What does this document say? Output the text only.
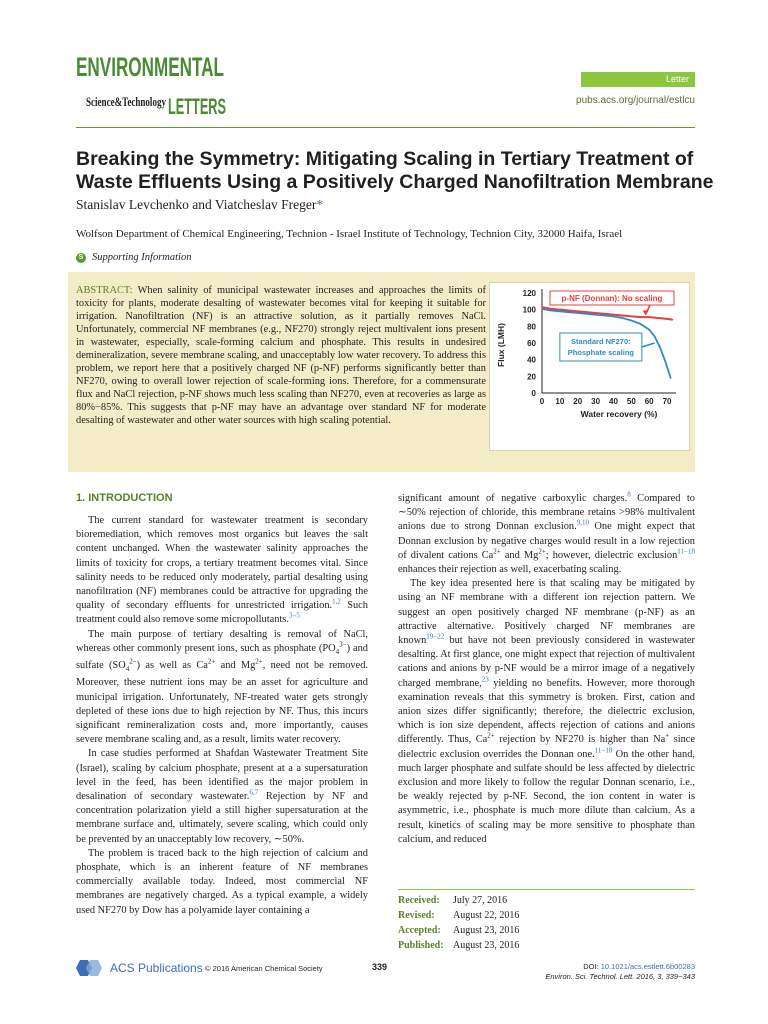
ENVIRONMENTAL
Science&Technology LETTERS
Letter
pubs.acs.org/journal/estlcu
Breaking the Symmetry: Mitigating Scaling in Tertiary Treatment of Waste Effluents Using a Positively Charged Nanofiltration Membrane
Stanislav Levchenko and Viatcheslav Freger*
Wolfson Department of Chemical Engineering, Technion - Israel Institute of Technology, Technion City, 32000 Haifa, Israel
S Supporting Information
ABSTRACT: When salinity of municipal wastewater increases and approaches the limits of toxicity for plants, moderate desalting of wastewater becomes vital for keeping it suitable for irrigation. Nanofiltration (NF) is an attractive solution, as it partially removes NaCl. Unfortunately, commercial NF membranes (e.g., NF270) strongly reject multivalent ions present in wastewater, especially, scale-forming calcium and phosphate. This results in undesired demineralization, severe membrane scaling, and unacceptably low water recovery. To address this problem, we report here that a positively charged NF (p-NF) performs significantly better than NF270, owing to overall lower rejection of scale-forming ions. Therefore, for a commensurate flux and NaCl rejection, p-NF shows much less scaling than NF270, even at recoveries as large as 80%−85%. This suggests that p-NF may have an advantage over standard NF for moderate desalting of wastewater and other water sources with high scaling potential.
0
20
40
60
80
100
120
0 10 20 30 40 50 60 70
Water recovery (%)
Flux (LMH)
p-NF (Donnan): No scaling
Standard NF270:
Phosphate scaling
1. INTRODUCTION

The current standard for wastewater treatment is secondary bioremediation, which removes most organics but leaves the salt content unchanged. When the wastewater salinity approaches the limits of toxicity for crops, a tertiary treatment becomes vital. Since salinity needs to be reduced only moderately, partial desalting using nanofiltration (NF) membranes could be attractive for upgrading the quality of secondary effluents for unrestricted irrigation.$^{1,2}$ Such treatment could also remove some micropollutants.$^{3-5}$

The main purpose of tertiary desalting is removal of NaCl, whereas other commonly present ions, such as phosphate $(PO_4^{3-})$ and sulfate $(SO_4^{2-})$ as well as $Ca^{2+}$ and $Mg^{2+}$, need not be removed. Moreover, these nutrient ions may be an asset for agriculture and municipal irrigation. Unfortunately, NF-treated water gets strongly depleted of these ions due to high rejection by NF. Thus, this incurs significant remineralization costs and, more importantly, causes severe membrane scaling and, as a result, limits water recovery.

In case studies performed at Shafdan Wastewater Treatment Site (Israel), scaling by calcium phosphate, present at a a supersaturation level in the feed, has been identified as the major problem in desalination of secondary wastewater.$^{6,7}$ Rejection by NF and concentration polarization yield a still higher supersaturation at the membrane surface and, ultimately, severe scaling, which could only be prevented by an unacceptably low recovery, ∼50%.

The problem is traced back to the high rejection of calcium and phosphate, which is an inherent feature of NF membranes commercially available today. Indeed, most commercial NF membranes are negatively charged. As a typical example, a widely used NF270 by Dow has a polyamide layer containing a

significant amount of negative carboxylic charges.$^8$ Compared to ∼50% rejection of chloride, this membrane retains >98% multivalent anions due to strong Donnan exclusion.$^{9,10}$ One might expect that Donnan exclusion by negative charges would result in a low rejection of divalent cations $Ca^{2+}$ and $Mg^{2+}$; however, dielectric exclusion$^{11-18}$ enhances their rejection as well, exacerbating scaling.

The key idea presented here is that scaling may be mitigated by using an NF membrane with a different ion rejection pattern. We suggest an open positively charged NF membrane (p-NF) as an attractive alternative. Positively charged NF membranes are known$^{19-22}$ but have not been previously considered in wastewater desalting. At first glance, one might expect that rejection of multivalent cations and anions by p-NF would be a mirror image of a negatively charged membrane,$^{23}$ yielding no benefits. However, more thorough examination reveals that this symmetry is broken. First, cation and anion sizes differ significantly; therefore, the dielectric exclusion, which is ion size dependent, affects rejection of cations and anions differently. Thus, $Ca^{2+}$ rejection by NF270 is higher than Na+ since dielectric exclusion overrides the Donnan one.$^{11-18}$ On the other hand, much larger phosphate and sulfate should be less affected by dielectric exclusion and more likely to follow the regular Donnan scenario, i.e., be weakly rejected by p-NF. Second, the ion content in water is asymmetric, i.e., phosphate is much more dilute than calcium. As a result, kinetics of scaling may be more sensitive to phosphate than calcium, and reduced

Received: July 27, 2016
Revised: August 22, 2016
Accepted: August 23, 2016
Published: August 23, 2016
ACS Publications © 2016 American Chemical Society	339	DOI: 10.1021/acs.estlett.6b00283
Environ. Sci. Technol. Lett. 2016, 3, 339−343
